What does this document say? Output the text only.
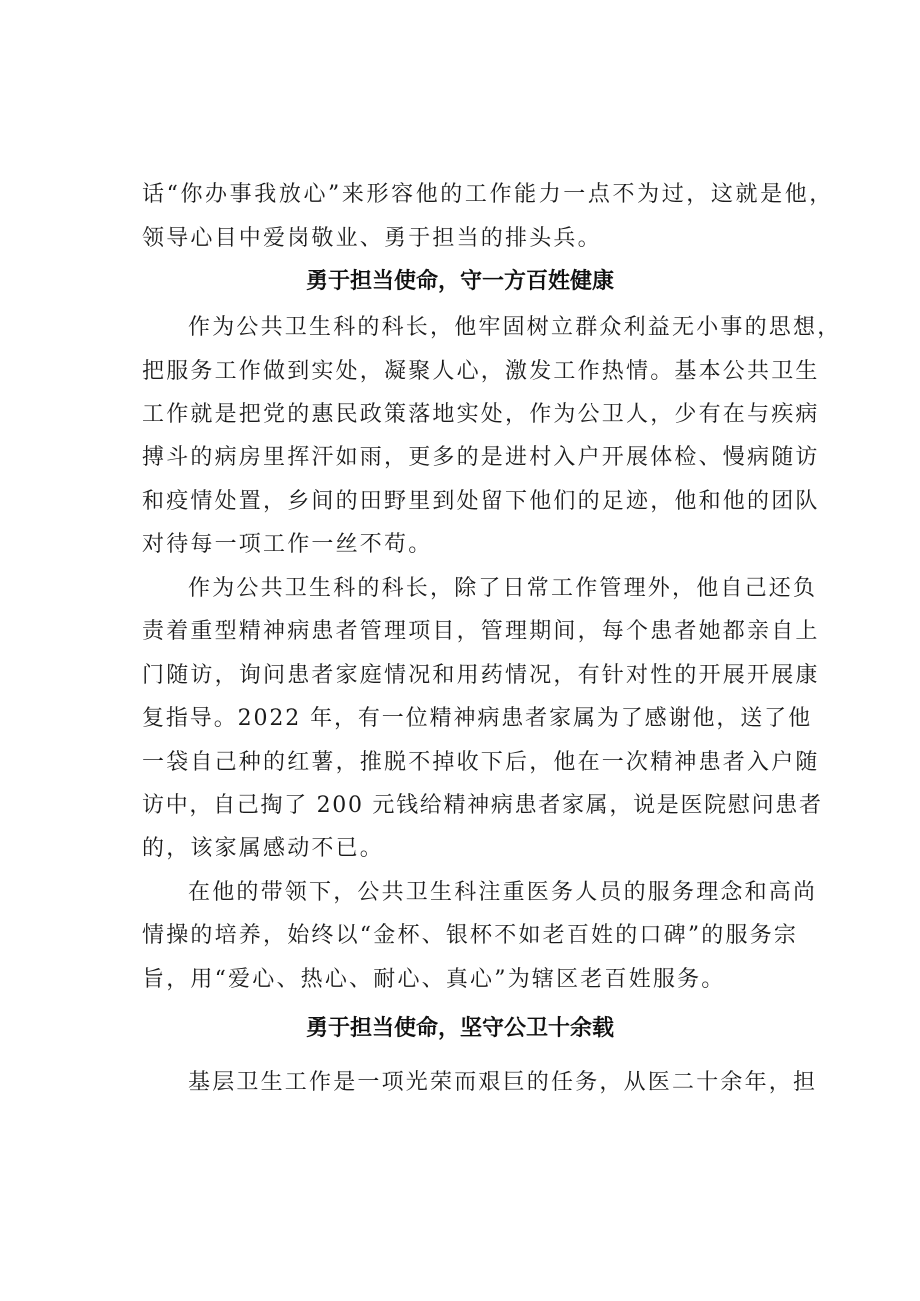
话“你办事我放心”来形容他的工作能力一点不为过，这就是他，
领导心目中爱岗敬业、勇于担当的排头兵。
勇于担当使命，守一方百姓健康
作为公共卫生科的科长，他牢固树立群众利益无小事的思想，
把服务工作做到实处，凝聚人心，激发工作热情。基本公共卫生
工作就是把党的惠民政策落地实处，作为公卫人，少有在与疾病
搏斗的病房里挥汗如雨，更多的是进村入户开展体检、慢病随访
和疫情处置，乡间的田野里到处留下他们的足迹，他和他的团队
对待每一项工作一丝不苟。
作为公共卫生科的科长，除了日常工作管理外，他自己还负
责着重型精神病患者管理项目，管理期间，每个患者她都亲自上
门随访，询问患者家庭情况和用药情况，有针对性的开展开展康
复指导。2022 年，有一位精神病患者家属为了感谢他，送了他
一袋自己种的红薯，推脱不掉收下后，他在一次精神患者入户随
访中，自己掏了 200 元钱给精神病患者家属，说是医院慰问患者
的，该家属感动不已。
在他的带领下，公共卫生科注重医务人员的服务理念和高尚
情操的培养，始终以“金杯、银杯不如老百姓的口碑”的服务宗
旨，用“爱心、热心、耐心、真心”为辖区老百姓服务。
勇于担当使命，坚守公卫十余载
基层卫生工作是一项光荣而艰巨的任务，从医二十余年，担
